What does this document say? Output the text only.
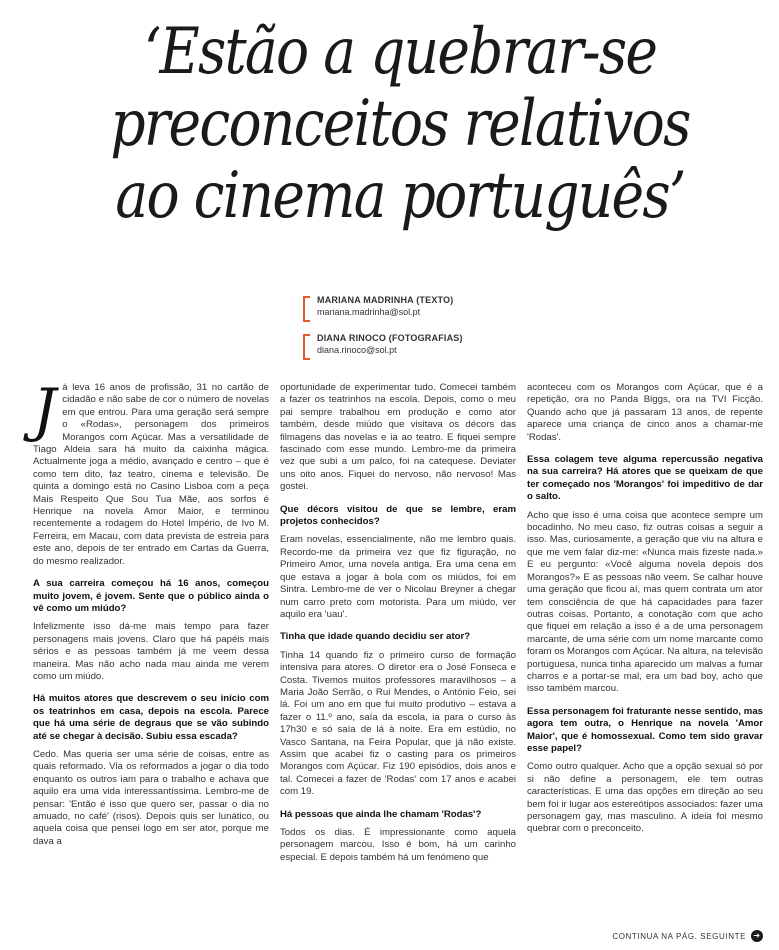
‘Estão a quebrar-se
preconceitos relativos
ao cinema português’
MARIANA MADRINHA (TEXTO)
mariana.madrinha@sol.pt
DIANA RINOCO (FOTOGRAFIAS)
diana.rinoco@sol.pt

J á leva 16 anos de profissão, 31 no cartão de cidadão e não sabe de cor o número de novelas em que entrou. Para uma geração será sempre o «Rodas», personagem dos primeiros Morangos com Açúcar. Mas a versatilidade de Tiago Aldeia sara há muito da caixinha mágica. Actualmente joga a médio, avançado e centro – que é como tem dito, faz teatro, cinema e televisão. De quinta a domingo está no Casino Lisboa com a peça Mais Respeito Que Sou Tua Mãe, aos sorfos é Henrique na novela Amor Maior, e terminou recentemente a rodagem do Hotel Império, de Ivo M. Ferreira, em Macau, com data prevista de estreia para este ano, depois de ter entrado em Cartas da Guerra, do mesmo realizador.

A sua carreira começou há 16 anos, começou muito jovem, é jovem. Sente que o público ainda o vê como um miúdo?

Infelizmente isso dá-me mais tempo para fazer personagens mais jovens. Claro que há papéis mais sérios e as pessoas também já me veem dessa maneira. Mas não acho nada mau ainda me verem como um miúdo.

Há muitos atores que descrevem o seu início com os teatrinhos em casa, depois na escola. Parece que há uma série de degraus que se vão subindo até se chegar à decisão. Subiu essa escada?

Cedo. Mas queria ser uma série de coisas, entre as quais reformado. Via os reformados a jogar o dia todo enquanto os outros iam para o trabalho e achava que aquilo era uma vida interessantíssima. Lembro-me de pensar: 'Então é isso que quero ser, passar o dia no amuado, no café' (risos). Depois quis ser lunático, ou aquela coisa que pensei logo em ser ator, porque me dava a

oportunidade de experimentar tudo. Comecei também a fazer os teatrinhos na escola. Depois, como o meu pai sempre trabalhou em produção e como ator também, desde miúdo que visitava os décors das filmagens das novelas e ia ao teatro. E fiquei sempre fascinado com esse mundo. Lembro-me da primeira vez que subi a um palco, foi na catequese. Deviater uns oito anos. Fiquei do nervoso, não nervoso! Mas gostei.

Que décors visitou de que se lembre, eram projetos conhecidos?

Eram novelas, essencialmente, não me lembro quais. Recordo-me da primeira vez que fiz figuração, no Primeiro Amor, uma novela antiga. Era uma cena em que estava a jogar à bola com os miúdos, foi em Sintra. Lembro-me de ver o Nicolau Breyner a chegar num carro preto com motorista. Para um miúdo, ver aquilo era 'uau'.

Tinha que idade quando decidiu ser ator?

Tinha 14 quando fiz o primeiro curso de formação intensiva para atores. O diretor era o José Fonseca e Costa. Tivemos muitos professores maravilhosos – a Maria João Serrão, o Rui Mendes, o António Feio, sei lá. Foi um ano em que fui muito produtivo – estava a fazer o 11.º ano, saía da escola, ia para o curso às 17h30 e só saía de lá à noite. Era em estúdio, no Vasco Santana, na Feira Popular, que já não existe. Assim que acabei fiz o casting para os primeiros Morangos com Açúcar. Fiz 190 episódios, dois anos e tal. Comecei a fazer de 'Rodas' com 17 anos e acabei com 19.

Há pessoas que ainda lhe chamam 'Rodas'?

Todos os dias. É impressionante como aquela personagem marcou. Isso é bom, há um carinho especial. E depois também há um fenómeno que

aconteceu com os Morangos com Açúcar, que é a repetição, ora no Panda Biggs, ora na TVI Ficção. Quando acho que já passaram 13 anos, de repente aparece uma criança de cinco anos a chamar-me 'Rodas'.

Essa colagem teve alguma repercussão negativa na sua carreira? Há atores que se queixam de que ter começado nos 'Morangos' foi impeditivo de dar o salto.

Acho que isso é uma coisa que acontece sempre um bocadinho. No meu caso, fiz outras coisas a seguir a isso. Mas, curiosamente, a geração que viu na altura e que me vem falar diz-me: «Nunca mais fizeste nada.» E eu pergunto: «Você alguma novela depois dos Morangos?» E as pessoas não veem. Se calhar houve uma geração que ficou aí, mas quem contrata um ator tem consciência de que há capacidades para fazer outras coisas. Portanto, a conotação com que acho que fiquei em relação a isso é a de uma personagem marcante, de uma série com um nome marcante como foram os Morangos com Açúcar. Na altura, na televisão portuguesa, nunca tinha aparecido um malvas a fumar charros e a portar-se mal, era um bad boy, acho que isso também marcou.

Essa personagem foi fraturante nesse sentido, mas agora tem outra, o Henrique na novela 'Amor Maior', que é homossexual. Como tem sido gravar esse papel?

Como outro qualquer. Acho que a opção sexual só por si não define a personagem, ele tem outras características. E uma das opções em direção ao seu bem foi ir lugar aos estereótipos associados: fazer uma personagem gay, mas masculino. A ideia foi mesmo quebrar com o preconceito.

CONTINUA NA PÁG. SEGUINTE ➔
